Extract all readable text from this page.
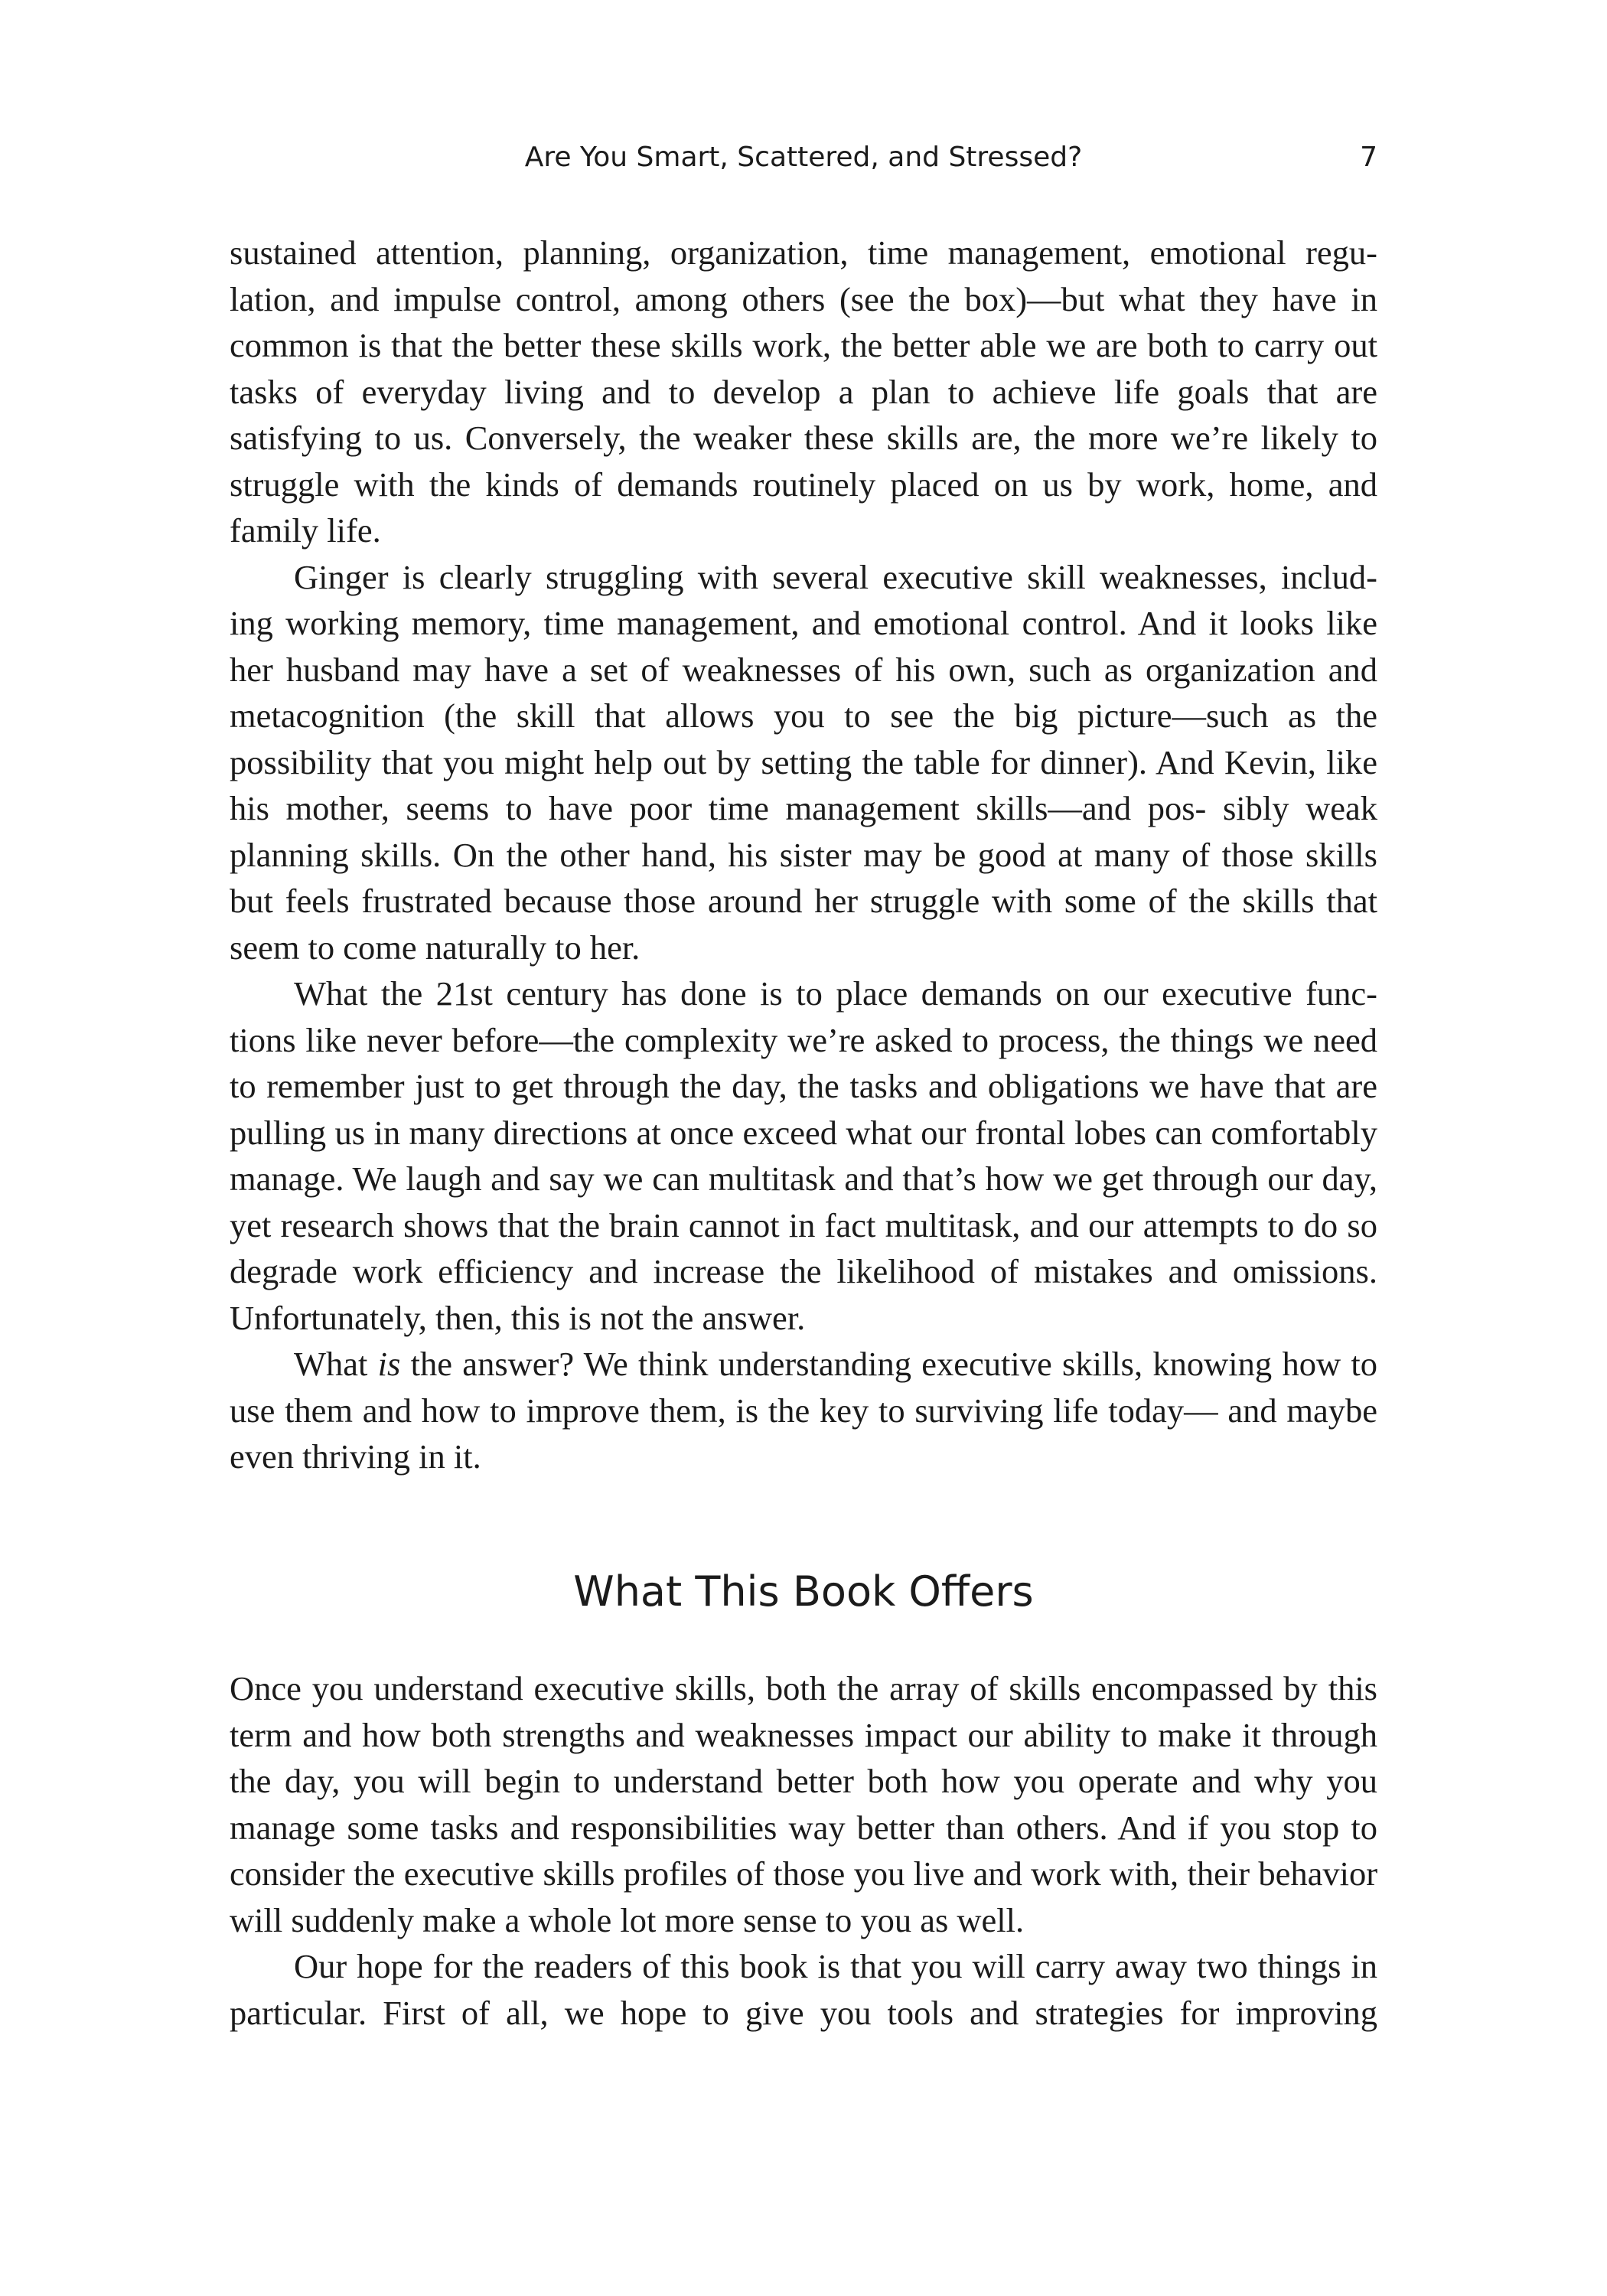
Are You Smart, Scattered, and Stressed?	7

sustained attention, planning, organization, time management, emotional regu- lation, and impulse control, among others (see the box)—but what they have in common is that the better these skills work, the better able we are both to carry out tasks of everyday living and to develop a plan to achieve life goals that are satisfying to us. Conversely, the weaker these skills are, the more we’re likely to struggle with the kinds of demands routinely placed on us by work, home, and family life.

Ginger is clearly struggling with several executive skill weaknesses, includ- ing working memory, time management, and emotional control. And it looks like her husband may have a set of weaknesses of his own, such as organization and metacognition (the skill that allows you to see the big picture—such as the possibility that you might help out by setting the table for dinner). And Kevin, like his mother, seems to have poor time management skills—and pos- sibly weak planning skills. On the other hand, his sister may be good at many of those skills but feels frustrated because those around her struggle with some of the skills that seem to come naturally to her.

What the 21st century has done is to place demands on our executive func- tions like never before—the complexity we’re asked to process, the things we need to remember just to get through the day, the tasks and obligations we have that are pulling us in many directions at once exceed what our frontal lobes can comfortably manage. We laugh and say we can multitask and that’s how we get through our day, yet research shows that the brain cannot in fact multitask, and our attempts to do so degrade work efficiency and increase the likelihood of mistakes and omissions. Unfortunately, then, this is not the answer.

What is the answer? We think understanding executive skills, knowing how to use them and how to improve them, is the key to surviving life today— and maybe even thriving in it.

What This Book Offers

Once you understand executive skills, both the array of skills encompassed by this term and how both strengths and weaknesses impact our ability to make it through the day, you will begin to understand better both how you operate and why you manage some tasks and responsibilities way better than others. And if you stop to consider the executive skills profiles of those you live and work with, their behavior will suddenly make a whole lot more sense to you as well.

Our hope for the readers of this book is that you will carry away two things in particular. First of all, we hope to give you tools and strategies for improving
